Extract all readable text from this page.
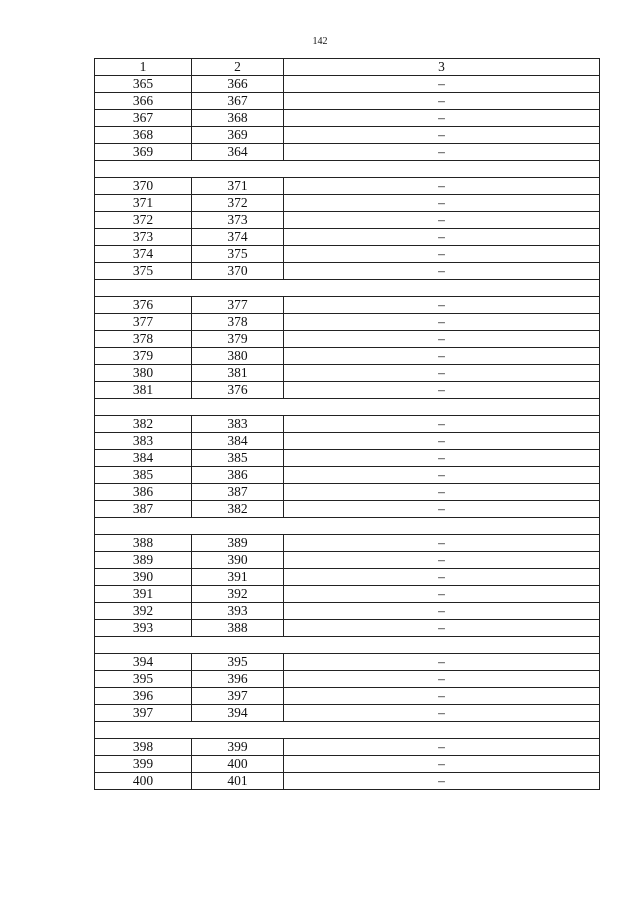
142
1	2	3
365	366	–
366	367	–
367	368	–
368	369	–
369	364	–

370	371	–
371	372	–
372	373	–
373	374	–
374	375	–
375	370	–

376	377	–
377	378	–
378	379	–
379	380	–
380	381	–
381	376	–

382	383	–
383	384	–
384	385	–
385	386	–
386	387	–
387	382	–

388	389	–
389	390	–
390	391	–
391	392	–
392	393	–
393	388	–

394	395	–
395	396	–
396	397	–
397	394	–

398	399	–
399	400	–
400	401	–
